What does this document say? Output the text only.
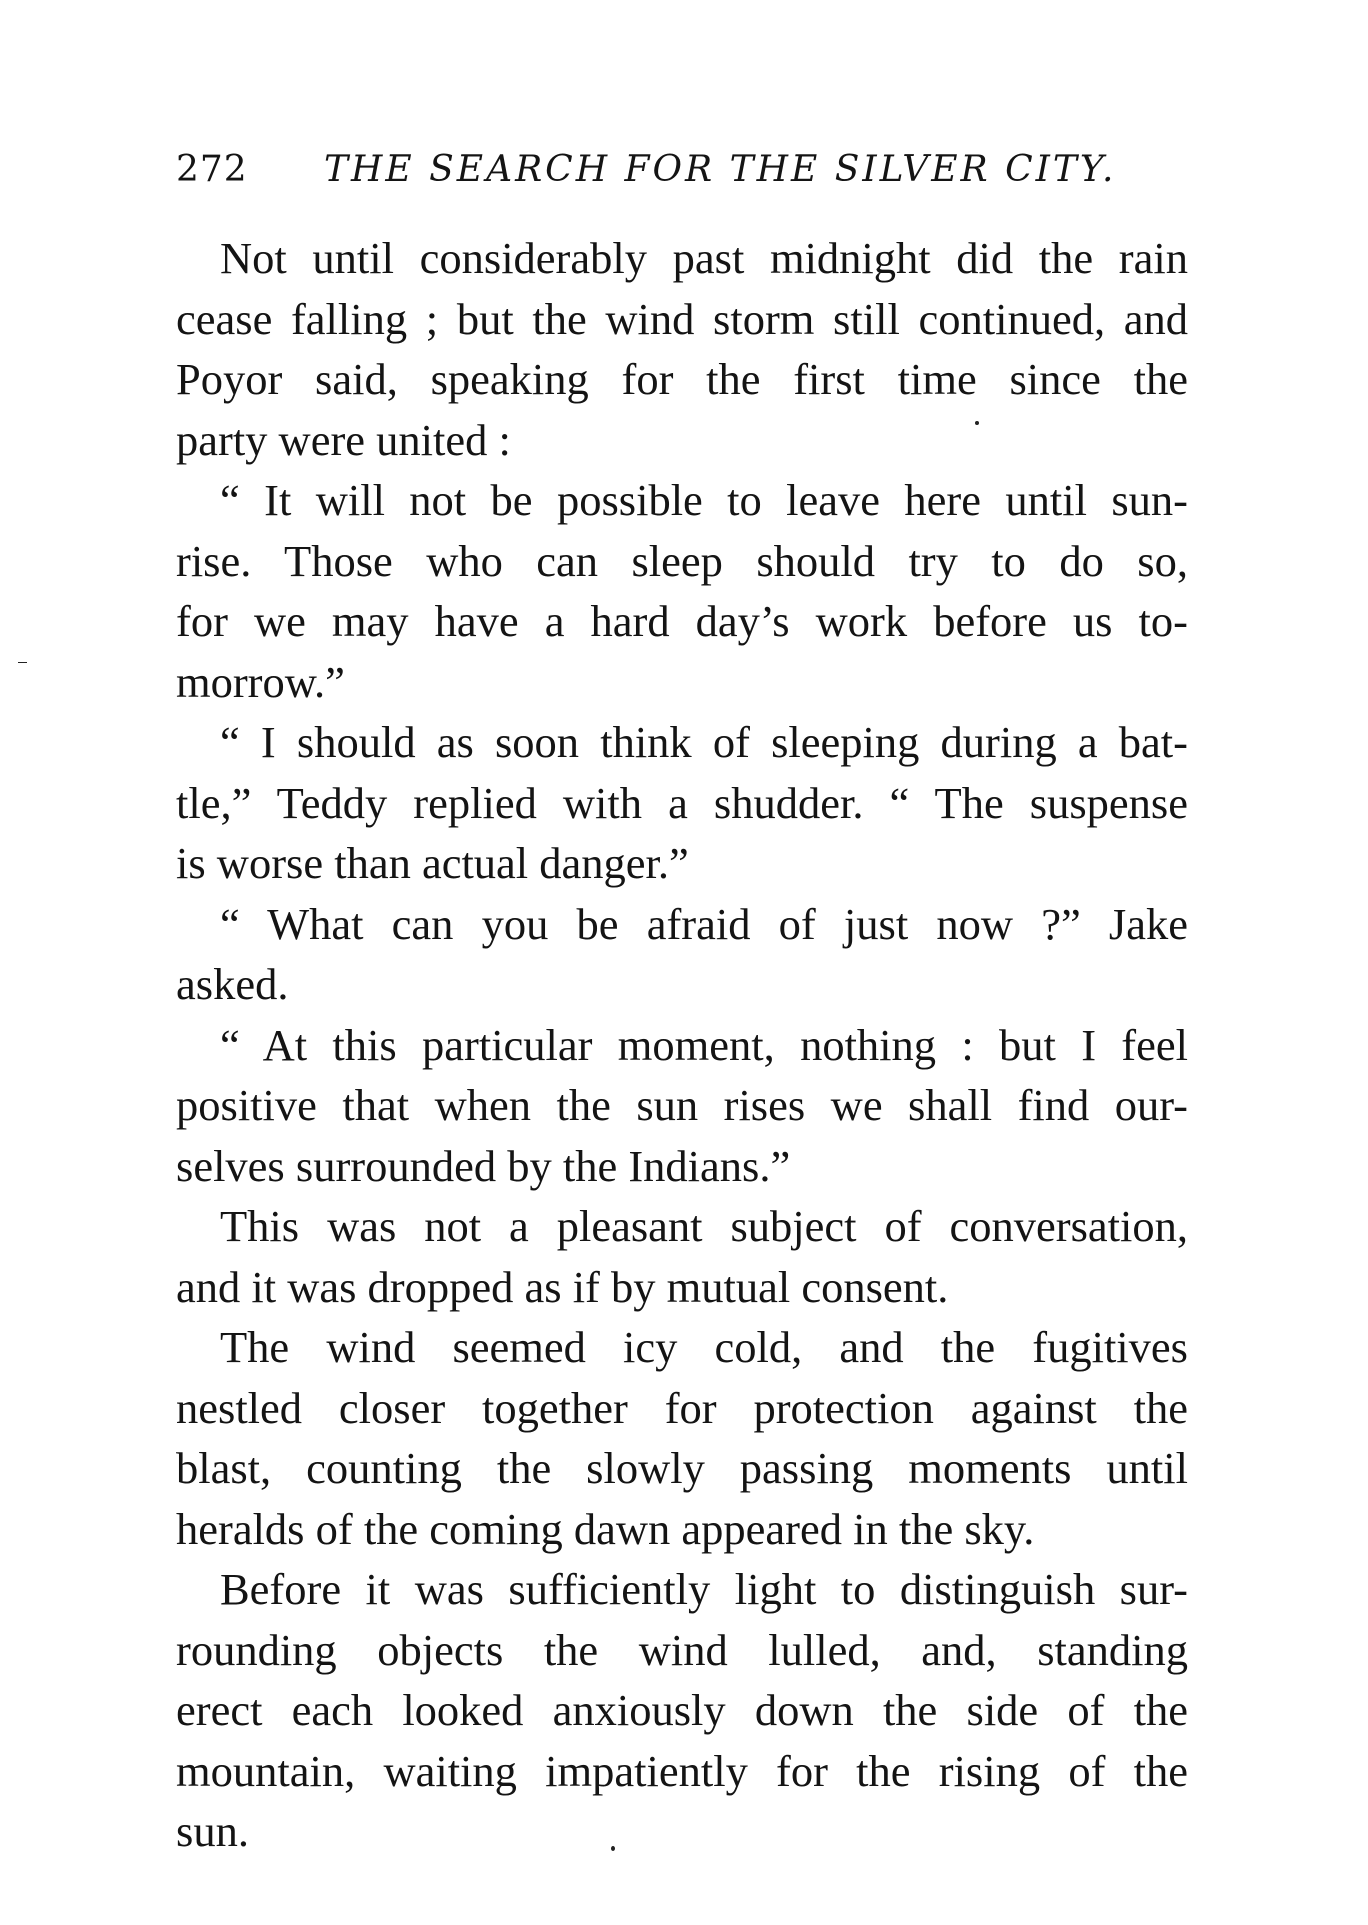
272 THE SEARCH FOR THE SILVER CITY.

Not until considerably past midnight did the rain
cease falling ; but the wind storm still continued, and
Poyor said, speaking for the first time since the
party were united :

“ It will not be possible to leave here until sun-
rise. Those who can sleep should try to do so,
for we may have a hard day’s work before us to-
morrow.”

“ I should as soon think of sleeping during a bat-
tle,” Teddy replied with a shudder. “ The suspense
is worse than actual danger.”

“ What can you be afraid of just now ?” Jake
asked.

“ At this particular moment, nothing : but I feel
positive that when the sun rises we shall find our-
selves surrounded by the Indians.”

This was not a pleasant subject of conversation,
and it was dropped as if by mutual consent.

The wind seemed icy cold, and the fugitives
nestled closer together for protection against the
blast, counting the slowly passing moments until
heralds of the coming dawn appeared in the sky.

Before it was sufficiently light to distinguish sur-
rounding objects the wind lulled, and, standing
erect each looked anxiously down the side of the
mountain, waiting impatiently for the rising of the
sun.
